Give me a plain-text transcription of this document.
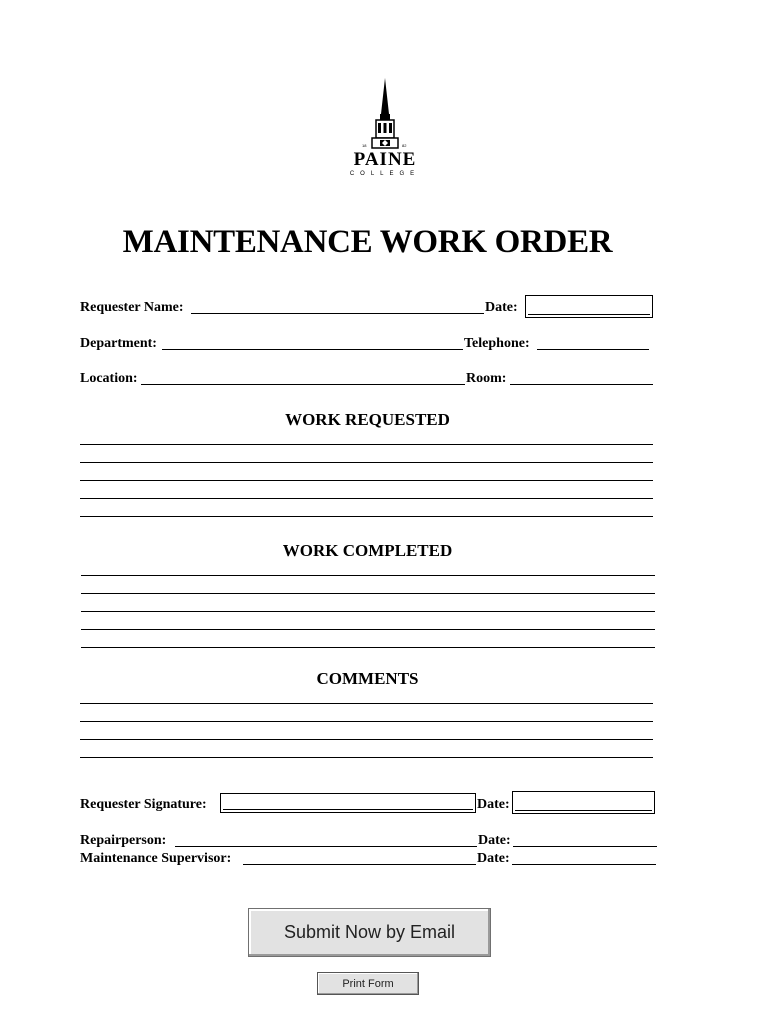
18	82
PAINE
COLLEGE
MAINTENANCE WORK ORDER
Requester Name:	Date:
Department:	Telephone:
Location:	Room:
WORK REQUESTED
WORK COMPLETED
COMMENTS
Requester Signature:	Date:
Repairperson:	Date:
Maintenance Supervisor:	Date:
Submit Now by Email
Print Form
